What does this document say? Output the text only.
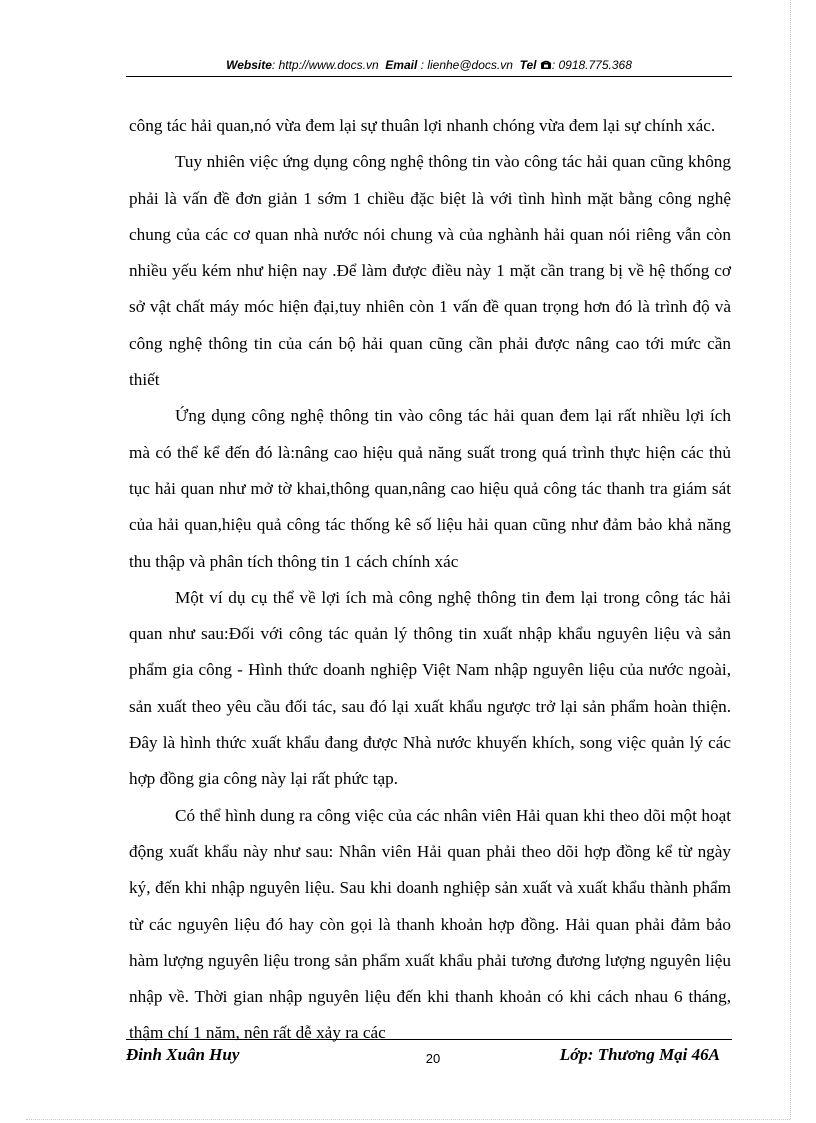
Website: http://www.docs.vn Email : lienhe@docs.vn Tel : 0918.775.368

công tác hải quan,nó vừa đem lại sự thuân lợi nhanh chóng vừa đem lại sự chính xác.

Tuy nhiên việc ứng dụng công nghệ thông tin vào công tác hải quan cũng không phải là vấn đề đơn giản 1 sớm 1 chiều đặc biệt là với tình hình mặt bằng công nghệ chung của các cơ quan nhà nước nói chung và của nghành hải quan nói riêng vẫn còn nhiều yếu kém như hiện nay .Để làm được điều này 1 mặt cần trang bị về hệ thống cơ sở vật chất máy móc hiện đại,tuy nhiên còn 1 vấn đề quan trọng hơn đó là trình độ và công nghệ thông tin của cán bộ hải quan cũng cần phải được nâng cao tới mức cần thiết

Ứng dụng công nghệ thông tin vào công tác hải quan đem lại rất nhiều lợi ích mà có thể kể đến đó là:nâng cao hiệu quả năng suất trong quá trình thực hiện các thủ tục hải quan như mở tờ khai,thông quan,nâng cao hiệu quả công tác thanh tra giám sát của hải quan,hiệu quả công tác thống kê số liệu hải quan cũng như đảm bảo khả năng thu thập và phân tích thông tin 1 cách chính xác

Một ví dụ cụ thể về lợi ích mà công nghệ thông tin đem lại trong công tác hải quan như sau:Đối với công tác quản lý thông tin xuất nhập khẩu nguyên liệu và sản phẩm gia công - Hình thức doanh nghiệp Việt Nam nhập nguyên liệu của nước ngoài, sản xuất theo yêu cầu đối tác, sau đó lại xuất khẩu ngược trở lại sản phẩm hoàn thiện. Đây là hình thức xuất khẩu đang được Nhà nước khuyến khích, song việc quản lý các hợp đồng gia công này lại rất phức tạp.

Có thể hình dung ra công việc của các nhân viên Hải quan khi theo dõi một hoạt động xuất khẩu này như sau: Nhân viên Hải quan phải theo dõi hợp đồng kể từ ngày ký, đến khi nhập nguyên liệu. Sau khi doanh nghiệp sản xuất và xuất khẩu thành phẩm từ các nguyên liệu đó hay còn gọi là thanh khoản hợp đồng. Hải quan phải đảm bảo hàm lượng nguyên liệu trong sản phẩm xuất khẩu phải tương đương lượng nguyên liệu nhập về. Thời gian nhập nguyên liệu đến khi thanh khoản có khi cách nhau 6 tháng, thậm chí 1 năm, nên rất dễ xảy ra các

Đinh Xuân Huy	20	Lớp: Thương Mại 46A
